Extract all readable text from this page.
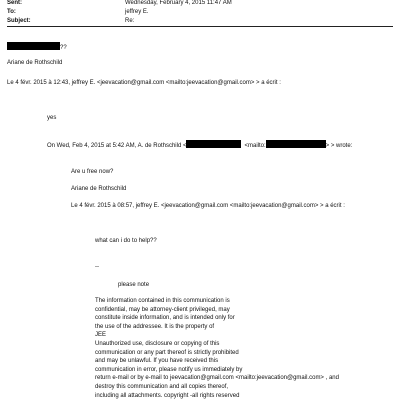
Sent:	Wednesday, February 4, 2015 11:47 AM
To:	jeffrey E.
Subject:	Re:
??
Ariane de Rothschild
Le 4 févr. 2015 à 12:43, jeffrey E. <jeevacation@gmail.com <mailto:jeevacation@gmail.com> > a écrit :
yes
On Wed, Feb 4, 2015 at 5:42 AM, A. de Rothschild <	<mailto:	> > wrote:
Are u free now?
Ariane de Rothschild
Le 4 févr. 2015 à 08:57, jeffrey E. <jeevacation@gmail.com <mailto:jeevacation@gmail.com> > a écrit :
what can i do to help??
--
please note
The information contained in this communication is
confidential, may be attorney-client privileged, may
constitute inside information, and is intended only for
the use of the addressee. It is the property of
JEE
Unauthorized use, disclosure or copying of this
communication or any part thereof is strictly prohibited
and may be unlawful. If you have received this
communication in error, please notify us immediately by
return e-mail or by e-mail to jeevacation@gmail.com <mailto:jeevacation@gmail.com> , and
destroy this communication and all copies thereof,
including all attachments. copyright -all rights reserved
